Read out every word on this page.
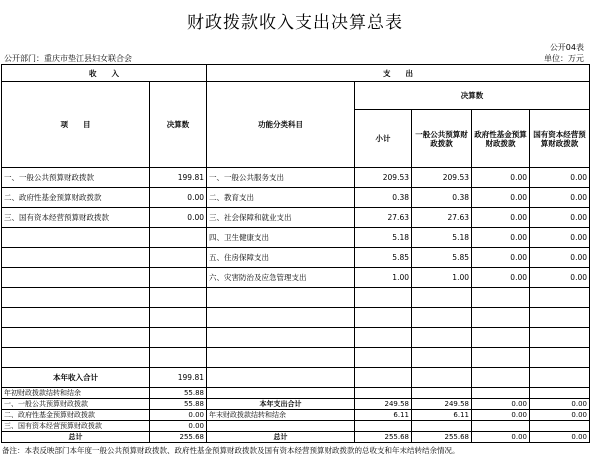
财政拨款收入支出决算总表
公开04表
公开部门：重庆市垫江县妇女联合会	单位：万元
收　　入		支　　出				
项　　目	决算数	功能分类科目	决算数			
			小计	一般公共预算财政拨款	政府性基金预算财政拨款	国有资本经营预算财政拨款
一、一般公共预算财政拨款	199.81	一、一般公共服务支出	209.53	209.53	0.00	0.00
二、政府性基金预算财政拨款	0.00	二、教育支出	0.38	0.38	0.00	0.00
三、国有资本经营预算财政拨款	0.00	三、社会保障和就业支出	27.63	27.63	0.00	0.00
		四、卫生健康支出	5.18	5.18	0.00	0.00
		五、住房保障支出	5.85	5.85	0.00	0.00
		六、灾害防治及应急管理支出	1.00	1.00	0.00	0.00

本年收入合计	199.81					
年初财政拨款结转和结余	55.88					
一、一般公共预算财政拨款	55.88	本年支出合计	249.58	249.58	0.00	0.00
二、政府性基金预算财政拨款	0.00	年末财政拨款结转和结余	6.11	6.11	0.00	0.00
三、国有资本经营预算财政拨款	0.00					
总计	255.68	总计	255.68	255.68	0.00	0.00
备注：本表反映部门本年度一般公共预算财政拨款、政府性基金预算财政拨款及国有资本经营预算财政拨款的总收支和年末结转结余情况。
